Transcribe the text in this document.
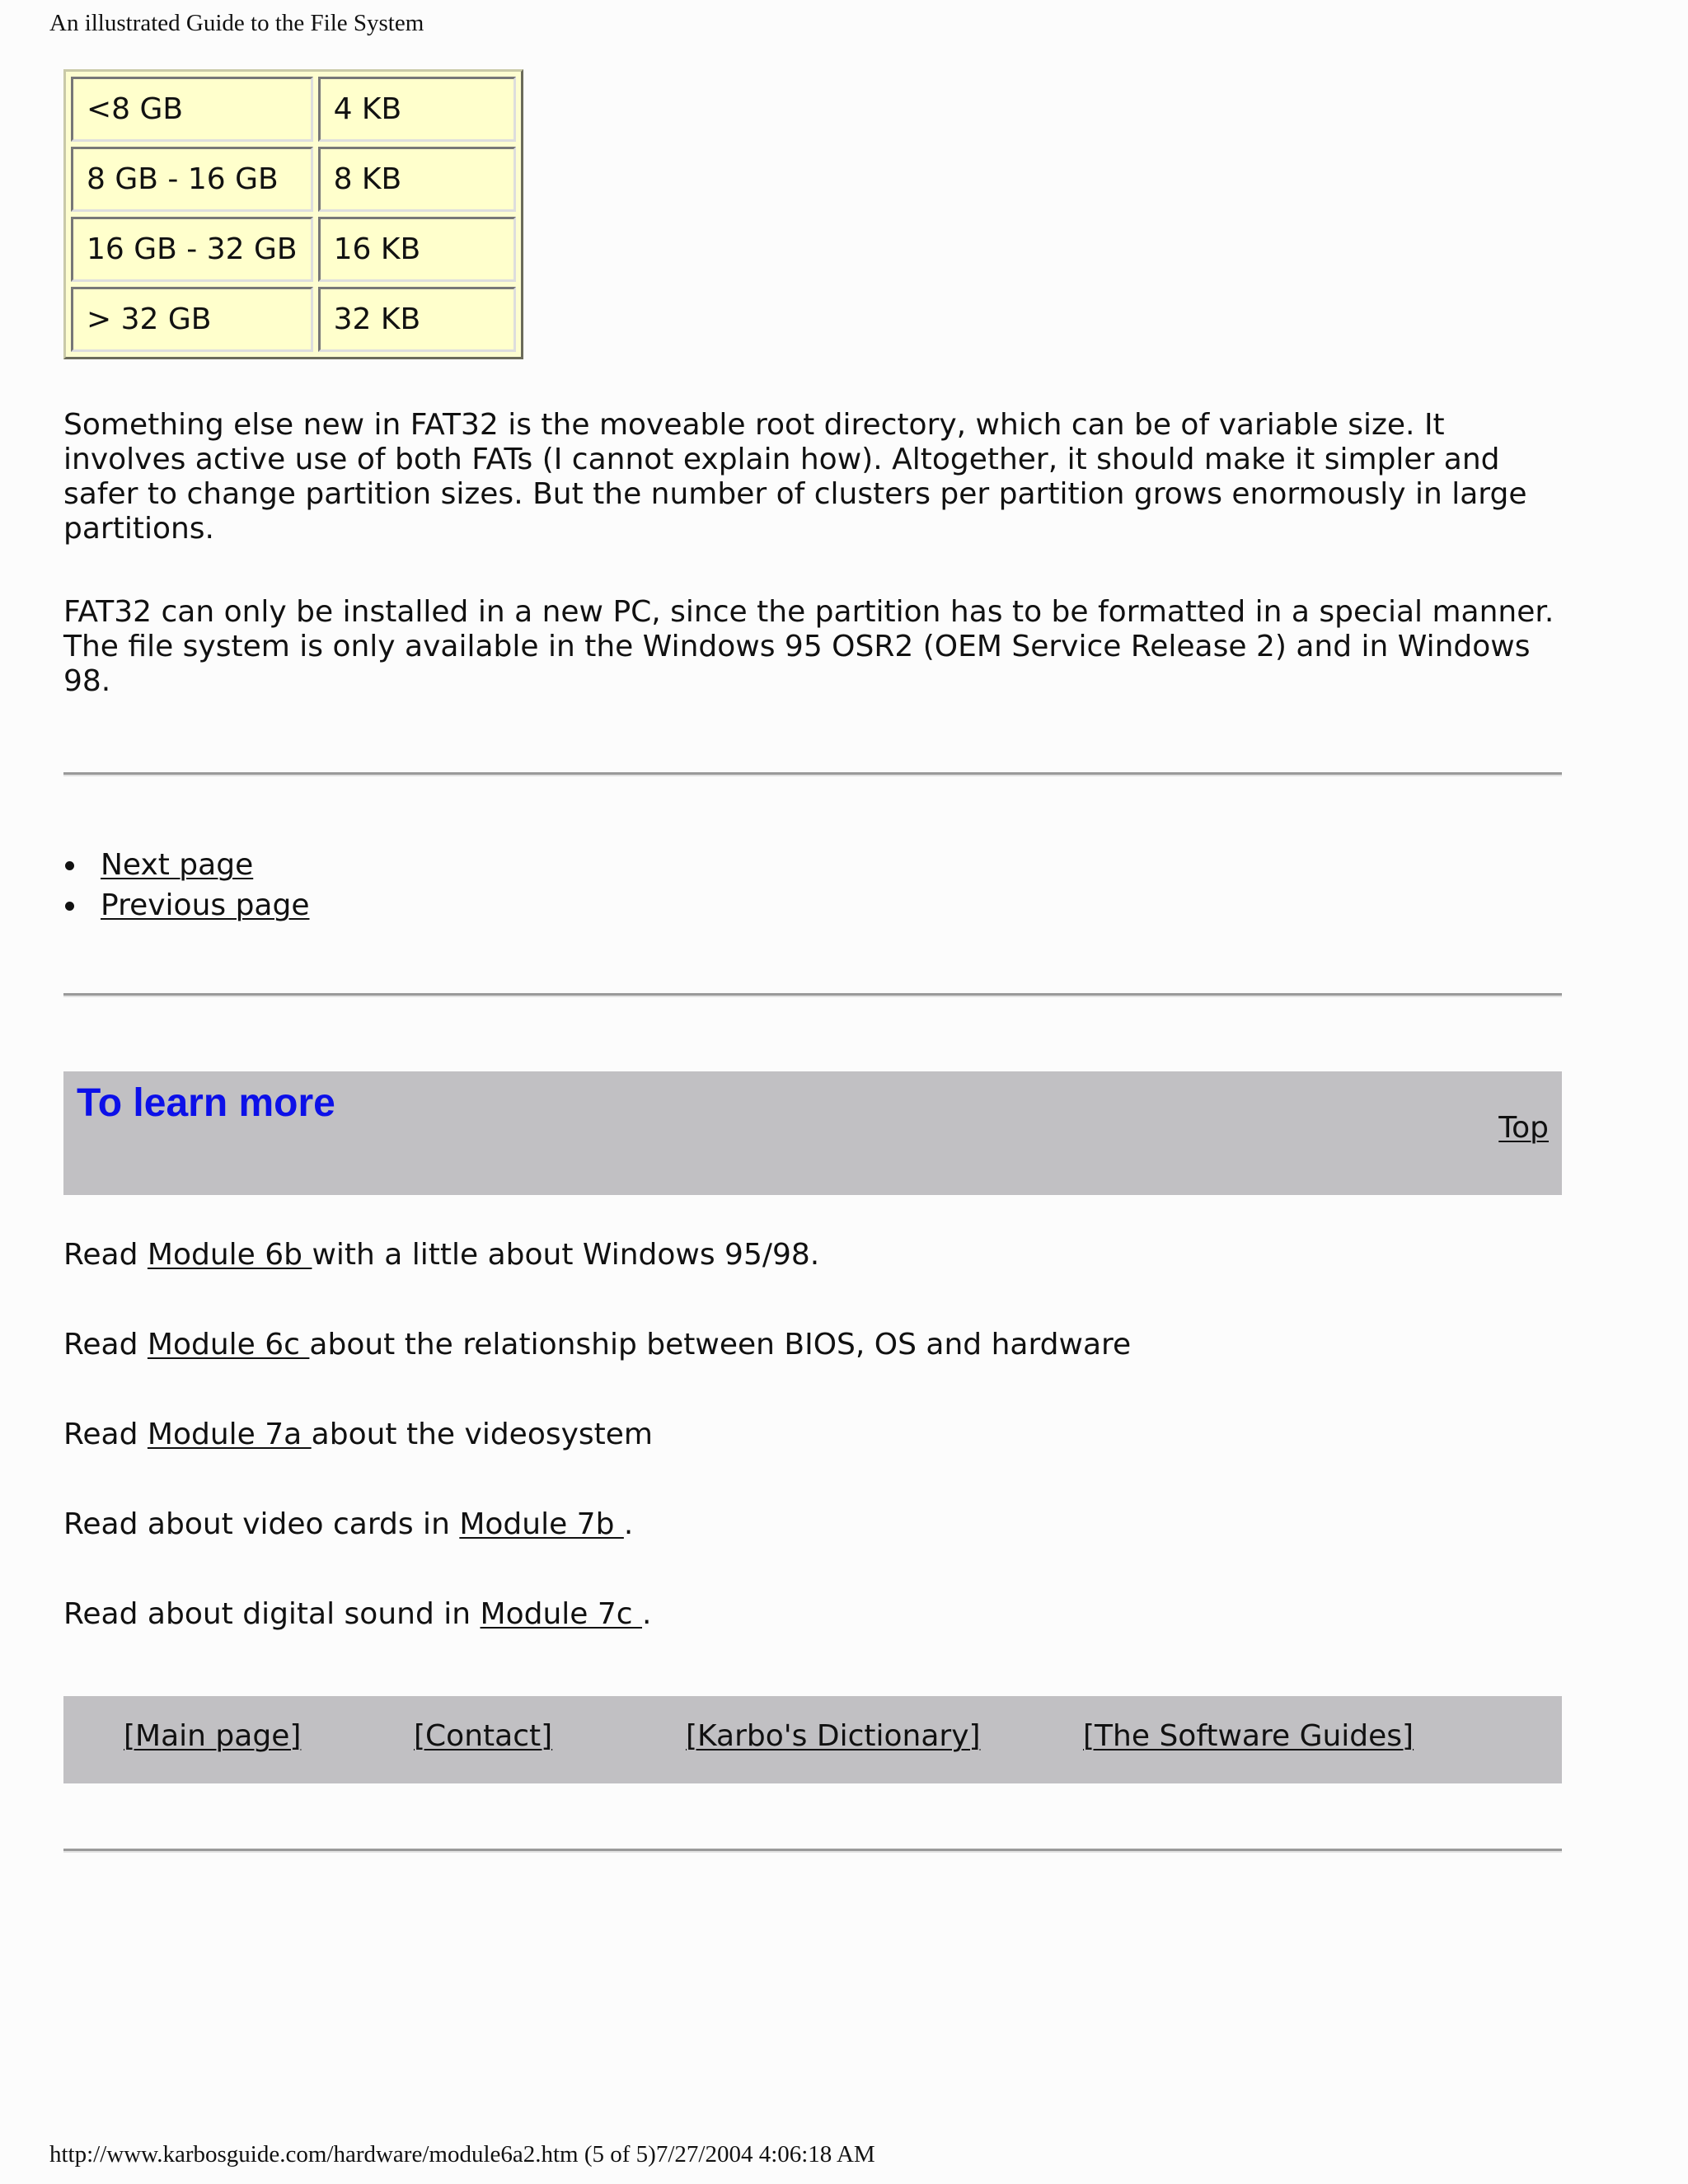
An illustrated Guide to the File System
<8 GB	4 KB
8 GB - 16 GB	8 KB
16 GB - 32 GB	16 KB
> 32 GB	32 KB

Something else new in FAT32 is the moveable root directory, which can be of variable size. It involves active use of both FATs (I cannot explain how). Altogether, it should make it simpler and safer to change partition sizes. But the number of clusters per partition grows enormously in large partitions.

FAT32 can only be installed in a new PC, since the partition has to be formatted in a special manner. The file system is only available in the Windows 95 OSR2 (OEM Service Release 2) and in Windows 98.

Next page
Previous page
To learn more
Top

Read Module 6b with a little about Windows 95/98.

Read Module 6c about the relationship between BIOS, OS and hardware

Read Module 7a about the videosystem

Read about video cards in Module 7b .

Read about digital sound in Module 7c .

[Main page]	[Contact]	[Karbo's Dictionary]	[The Software Guides]
http://www.karbosguide.com/hardware/module6a2.htm (5 of 5)7/27/2004 4:06:18 AM
